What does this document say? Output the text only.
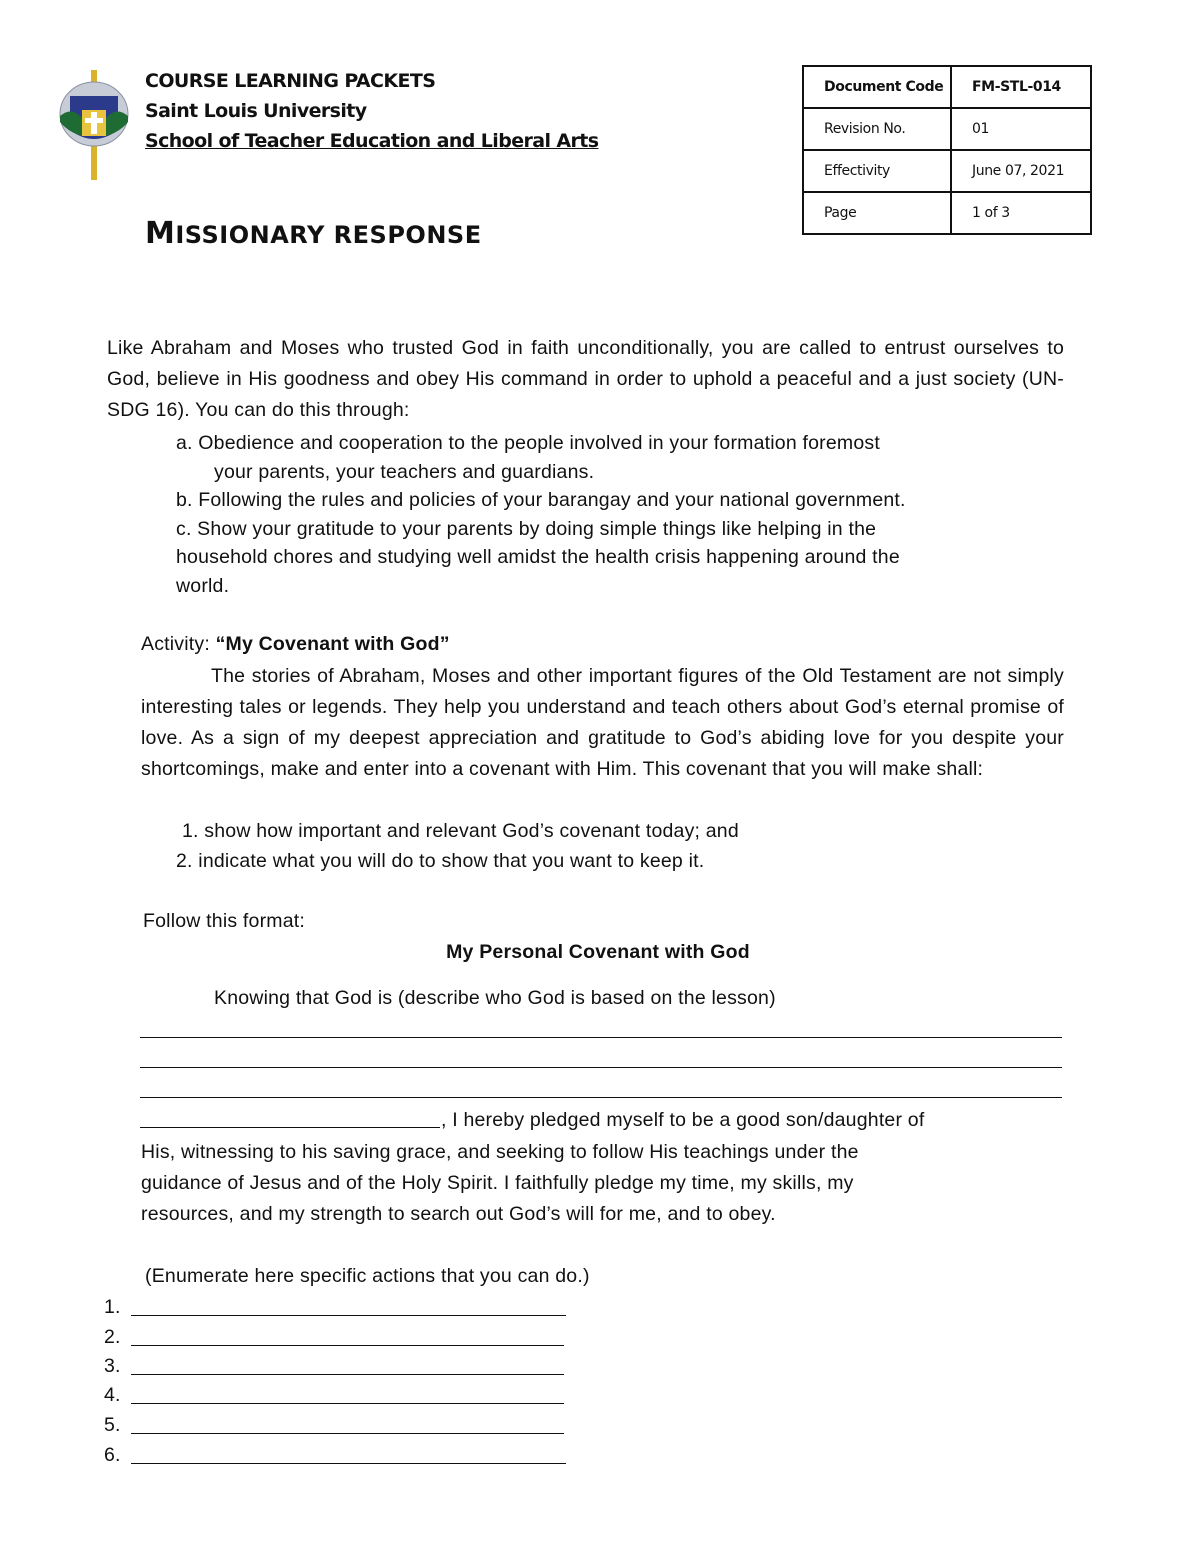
COURSE LEARNING PACKETS
Saint Louis University
School of Teacher Education and Liberal Arts
MISSIONARY RESPONSE
Document Code	FM-STL-014
Revision No.	01
Effectivity	June 07, 2021
Page	1 of 3
Like Abraham and Moses who trusted God in faith unconditionally, you are called to entrust ourselves to God, believe in His goodness and obey His command in order to uphold a peaceful and a just society (UN-SDG 16). You can do this through:
a. Obedience and cooperation to the people involved in your formation foremost
your parents, your teachers and guardians.
b. Following the rules and policies of your barangay and your national government.
c. Show your gratitude to your parents by doing simple things like helping in the
household chores and studying well amidst the health crisis happening around the
world.
Activity: “My Covenant with God”
The stories of Abraham, Moses and other important figures of the Old Testament are not simply interesting tales or legends. They help you understand and teach others about God’s eternal promise of love. As a sign of my deepest appreciation and gratitude to God’s abiding love for you despite your shortcomings, make and enter into a covenant with Him. This covenant that you will make shall:
1. show how important and relevant God’s covenant today; and
2. indicate what you will do to show that you want to keep it.
Follow this format:
My Personal Covenant with God
Knowing that God is (describe who God is based on the lesson)
, I hereby pledged myself to be a good son/daughter of
His, witnessing to his saving grace, and seeking to follow His teachings under the
guidance of Jesus and of the Holy Spirit. I faithfully pledge my time, my skills, my
resources, and my strength to search out God’s will for me, and to obey.
(Enumerate here specific actions that you can do.)
1.
2.
3.
4.
5.
6.
